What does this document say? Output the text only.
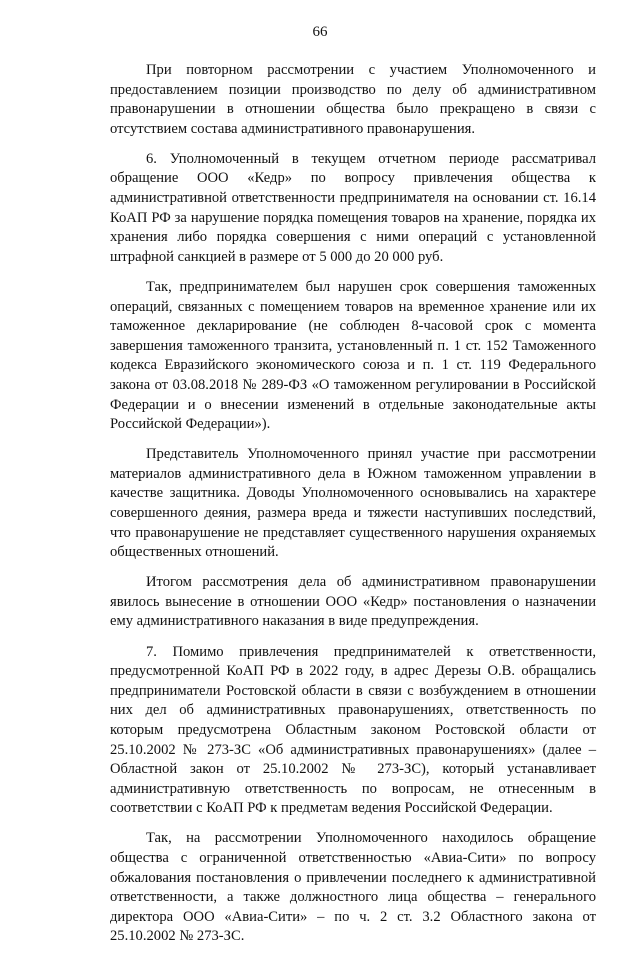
66

При повторном рассмотрении с участием Уполномоченного и предоставлением позиции производство по делу об административном правонарушении в отношении общества было прекращено в связи с отсутствием состава административного правонарушения.

6. Уполномоченный в текущем отчетном периоде рассматривал обращение ООО «Кедр» по вопросу привлечения общества к административной ответственности предпринимателя на основании ст. 16.14 КоАП РФ за нарушение порядка помещения товаров на хранение, порядка их хранения либо порядка совершения с ними операций с установленной штрафной санкцией в размере от 5 000 до 20 000 руб.

Так, предпринимателем был нарушен срок совершения таможенных операций, связанных с помещением товаров на временное хранение или их таможенное декларирование (не соблюден 8-часовой срок с момента завершения таможенного транзита, установленный п. 1 ст. 152 Таможенного кодекса Евразийского экономического союза и п. 1 ст. 119 Федерального закона от 03.08.2018 № 289-ФЗ «О таможенном регулировании в Российской Федерации и о внесении изменений в отдельные законодательные акты Российской Федерации»).

Представитель Уполномоченного принял участие при рассмотрении материалов административного дела в Южном таможенном управлении в качестве защитника. Доводы Уполномоченного основывались на характере совершенного деяния, размера вреда и тяжести наступивших последствий, что правонарушение не представляет существенного нарушения охраняемых общественных отношений.

Итогом рассмотрения дела об административном правонарушении явилось вынесение в отношении ООО «Кедр» постановления о назначении ему административного наказания в виде предупреждения.

7. Помимо привлечения предпринимателей к ответственности, предусмотренной КоАП РФ в 2022 году, в адрес Дерезы О.В. обращались предприниматели Ростовской области в связи с возбуждением в отношении них дел об административных правонарушениях, ответственность по которым предусмотрена Областным законом Ростовской области от 25.10.2002 № 273-ЗС «Об административных правонарушениях» (далее – Областной закон от 25.10.2002 № 273-ЗС), который устанавливает административную ответственность по вопросам, не отнесенным в соответствии с КоАП РФ к предметам ведения Российской Федерации.

Так, на рассмотрении Уполномоченного находилось обращение общества с ограниченной ответственностью «Авиа-Сити» по вопросу обжалования постановления о привлечении последнего к административной ответственности, а также должностного лица общества – генерального директора ООО «Авиа-Сити» – по ч. 2 ст. 3.2 Областного закона от 25.10.2002 № 273-ЗС.
